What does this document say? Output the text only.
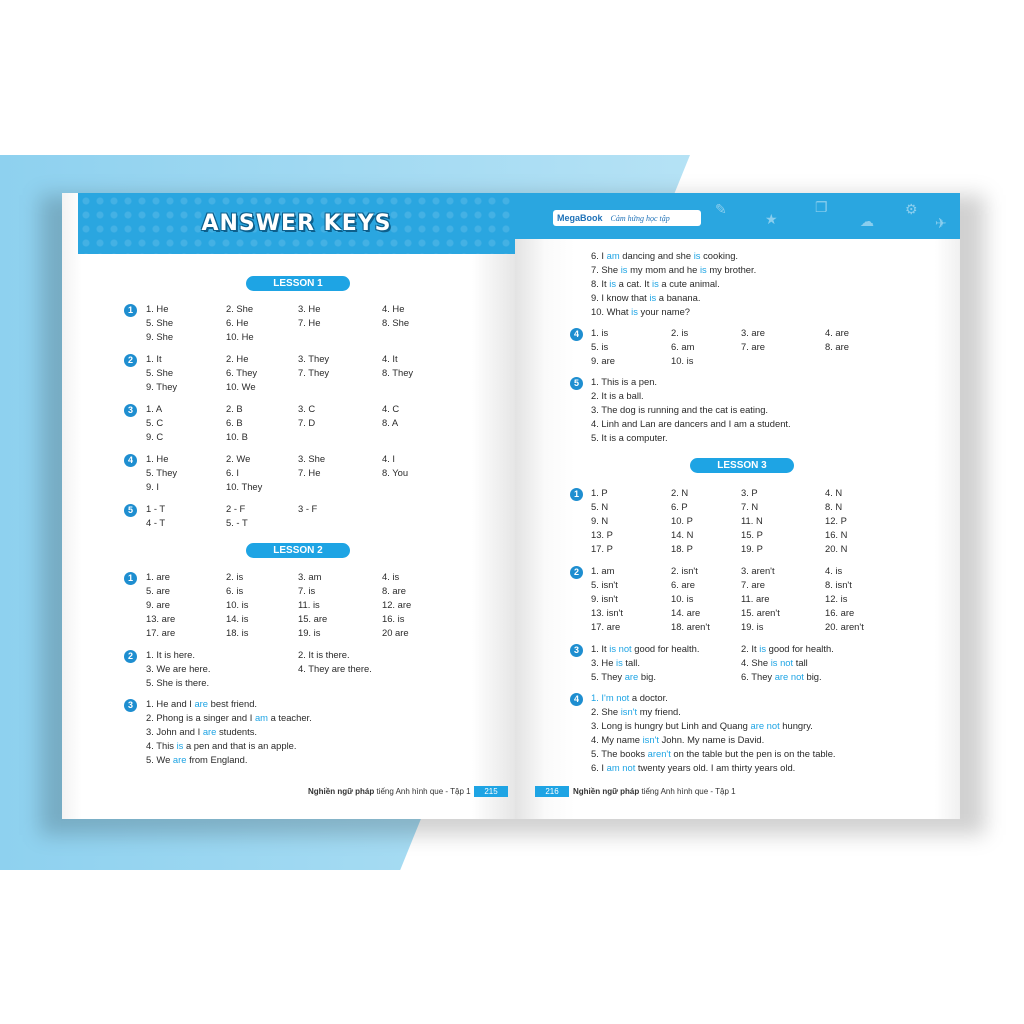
ANSWER KEYS
LESSON 1
1	1. He	2. She	3. He	4. He
5. She	6. He	7. He	8. She
9. She	10. He
2	1. It	2. He	3. They	4. It
5. She	6. They	7. They	8. They
9. They	10. We
3	1. A	2. B	3. C	4. C
5. C	6. B	7. D	8. A
9. C	10. B
4	1. He	2. We	3. She	4. I
5. They	6. I	7. He	8. You
9. I	10. They
5	1 - T	2 - F	3 - F
4 - T	5. - T
LESSON 2
1	1. are	2. is	3. am	4. is
5. are	6. is	7. is	8. are
9. are	10. is	11. is	12. are
13. are	14. is	15. are	16. is
17. are	18. is	19. is	20 are
2	1. It is here.	2. It is there.
3. We are here.	4. They are there.
5. She is there.
3	1. He and I are best friend.
2. Phong is a singer and I am a teacher.
3. John and I are students.
4. This is a pen and that is an apple.
5. We are from England.
Nghiền ngữ pháp tiếng Anh hình que - Tập 1	215
✎
★
❐
☁
⚙
✈
MegaBook Cảm hứng học tập
6. I am dancing and she is cooking.
7. She is my mom and he is my brother.
8. It is a cat. It is a cute animal.
9. I know that is a banana.
10. What is your name?
4	1. is	2. is	3. are	4. are
5. is	6. am	7. are	8. are
9. are	10. is
5	1. This is a pen.
2. It is a ball.
3. The dog is running and the cat is eating.
4. Linh and Lan are dancers and I am a student.
5. It is a computer.
LESSON 3
1	1. P	2. N	3. P	4. N
5. N	6. P	7. N	8. N
9. N	10. P	11. N	12. P
13. P	14. N	15. P	16. N
17. P	18. P	19. P	20. N
2	1. am	2. isn't	3. aren't	4. is
5. isn't	6. are	7. are	8. isn't
9. isn't	10. is	11. are	12. is
13. isn't	14. are	15. aren't	16. are
17. are	18. aren't	19. is	20. aren't
3	1. It is not good for health.	2. It is good for health.
3. He is tall.	4. She is not tall
5. They are big.	6. They are not big.
4	1. I'm not a doctor.
2. She isn't my friend.
3. Long is hungry but Linh and Quang are not hungry.
4. My name isn't John. My name is David.
5. The books aren't on the table but the pen is on the table.
6. I am not twenty years old. I am thirty years old.
216	Nghiền ngữ pháp tiếng Anh hình que - Tập 1
